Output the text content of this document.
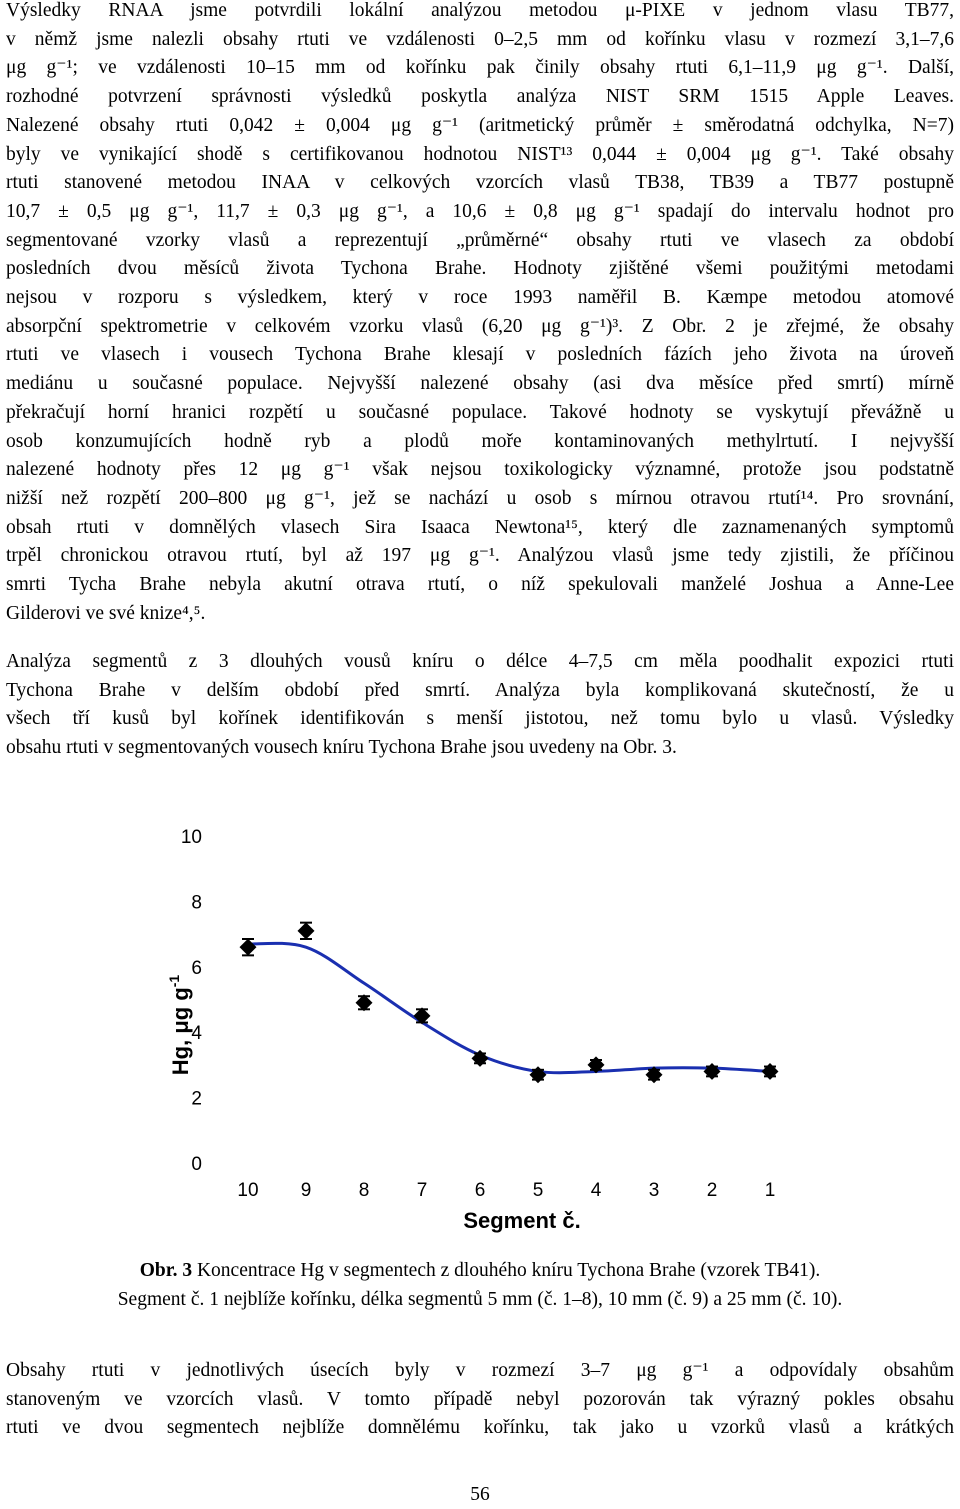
Výsledky RNAA jsme potvrdili lokální analýzou metodou μ-PIXE v jednom vlasu TB77,
v němž jsme nalezli obsahy rtuti ve vzdálenosti 0–2,5 mm od kořínku vlasu v rozmezí 3,1–7,6
μg g⁻¹; ve vzdálenosti 10–15 mm od kořínku pak činily obsahy rtuti 6,1–11,9 μg g⁻¹. Další,
rozhodné potvrzení správnosti výsledků poskytla analýza NIST SRM 1515 Apple Leaves.
Nalezené obsahy rtuti 0,042 ± 0,004 μg g⁻¹ (aritmetický průměr ± směrodatná odchylka, N=7)
byly ve vynikající shodě s certifikovanou hodnotou NIST¹³ 0,044 ± 0,004 μg g⁻¹. Také obsahy
rtuti stanovené metodou INAA v celkových vzorcích vlasů TB38, TB39 a TB77 postupně
10,7 ± 0,5 μg g⁻¹, 11,7 ± 0,3 μg g⁻¹, a 10,6 ± 0,8 μg g⁻¹ spadají do intervalu hodnot pro
segmentované vzorky vlasů a reprezentují „průměrné“ obsahy rtuti ve vlasech za období
posledních dvou měsíců života Tychona Brahe. Hodnoty zjištěné všemi použitými metodami
nejsou v rozporu s výsledkem, který v roce 1993 naměřil B. Kæmpe metodou atomové
absorpční spektrometrie v celkovém vzorku vlasů (6,20 μg g⁻¹)³. Z Obr. 2 je zřejmé, že obsahy
rtuti ve vlasech i vousech Tychona Brahe klesají v posledních fázích jeho života na úroveň
mediánu u současné populace. Nejvyšší nalezené obsahy (asi dva měsíce před smrtí) mírně
překračují horní hranici rozpětí u současné populace. Takové hodnoty se vyskytují převážně u
osob konzumujících hodně ryb a plodů moře kontaminovaných methylrtutí. I nejvyšší
nalezené hodnoty přes 12 μg g⁻¹ však nejsou toxikologicky významné, protože jsou podstatně
nižší než rozpětí 200–800 μg g⁻¹, jež se nachází u osob s mírnou otravou rtutí¹⁴. Pro srovnání,
obsah rtuti v domnělých vlasech Sira Isaaca Newtona¹⁵, který dle zaznamenaných symptomů
trpěl chronickou otravou rtutí, byl až 197 μg g⁻¹. Analýzou vlasů jsme tedy zjistili, že příčinou
smrti Tycha Brahe nebyla akutní otrava rtutí, o níž spekulovali manželé Joshua a Anne-Lee
Gilderovi ve své knize⁴,⁵.
Analýza segmentů z 3 dlouhých vousů kníru o délce 4–7,5 cm měla poodhalit expozici rtuti
Tychona Brahe v delším období před smrtí. Analýza byla komplikovaná skutečností, že u
všech tří kusů byl kořínek identifikován s menší jistotou, než tomu bylo u vlasů. Výsledky
obsahu rtuti v segmentovaných vousech kníru Tychona Brahe jsou uvedeny na Obr. 3.
0
2
4
6
8
10
10 9 8 7 6 5 4 3 2 1
Segment č.
Hg, μg $g^{-1}$
Obr. 3 Koncentrace Hg v segmentech z dlouhého kníru Tychona Brahe (vzorek TB41).
Segment č. 1 nejblíže kořínku, délka segmentů 5 mm (č. 1–8), 10 mm (č. 9) a 25 mm (č. 10).
Obsahy rtuti v jednotlivých úsecích byly v rozmezí 3–7 μg g⁻¹ a odpovídaly obsahům
stanoveným ve vzorcích vlasů. V tomto případě nebyl pozorován tak výrazný pokles obsahu
rtuti ve dvou segmentech nejblíže domnělému kořínku, tak jako u vzorků vlasů a krátkých
56
